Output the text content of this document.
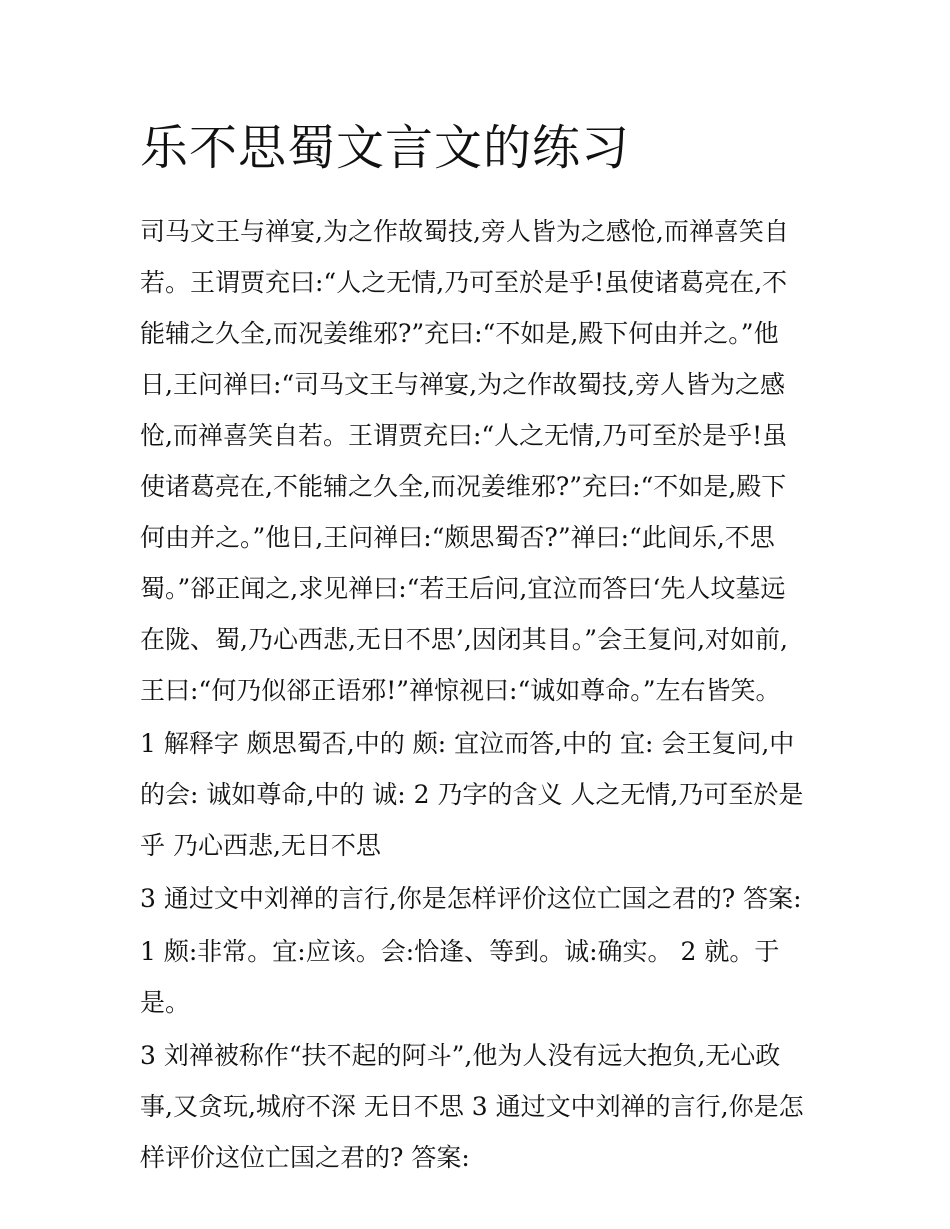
乐不思蜀文言文的练习

司马文王与禅宴,为之作故蜀技,旁人皆为之感怆,而禅喜笑自若。王谓贾充曰:“人之无情,乃可至於是乎!虽使诸葛亮在,不能辅之久全,而况姜维邪?”充曰:“不如是,殿下何由并之。”他日,王问禅曰:“司马文王与禅宴,为之作故蜀技,旁人皆为之感怆,而禅喜笑自若。王谓贾充曰:“人之无情,乃可至於是乎!虽使诸葛亮在,不能辅之久全,而况姜维邪?”充曰:“不如是,殿下何由并之。”他日,王问禅曰:“颇思蜀否?”禅曰:“此间乐,不思蜀。”郤正闻之,求见禅曰:“若王后问,宜泣而答曰‘先人坟墓远在陇、蜀,乃心西悲,无日不思’,因闭其目。”会王复问,对如前,王曰:“何乃似郤正语邪!”禅惊视曰:“诚如尊命。”左右皆笑。

1 解释字 颇思蜀否,中的 颇: 宜泣而答,中的 宜: 会王复问,中的会: 诚如尊命,中的 诚: 2 乃字的含义 人之无情,乃可至於是乎 乃心西悲,无日不思

3 通过文中刘禅的言行,你是怎样评价这位亡国之君的? 答案:

1 颇:非常。宜:应该。会:恰逢、等到。诚:确实。 2 就。于是。

3 刘禅被称作“扶不起的阿斗”,他为人没有远大抱负,无心政事,又贪玩,城府不深 无日不思 3 通过文中刘禅的言行,你是怎样评价这位亡国之君的? 答案:
